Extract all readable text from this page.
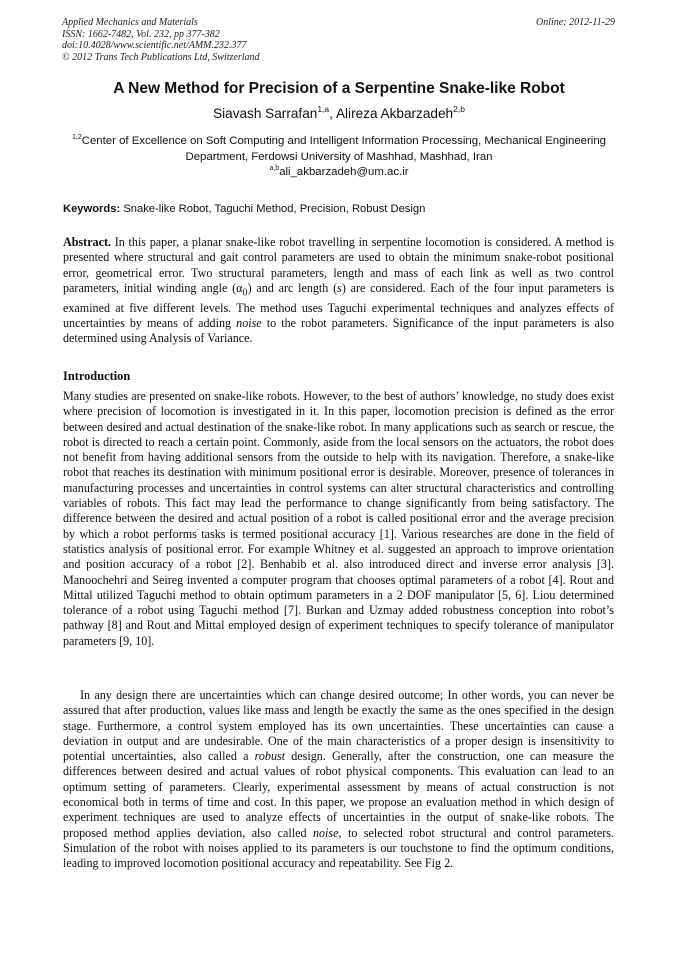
Applied Mechanics and Materials
ISSN: 1662-7482, Vol. 232, pp 377-382
doi:10.4028/www.scientific.net/AMM.232.377
© 2012 Trans Tech Publications Ltd, Switzerland
Online: 2012-11-29
A New Method for Precision of a Serpentine Snake-like Robot
Siavash Sarrafan$^{1,a}$, Alireza Akbarzadeh$^{2,b}$
$^{1,2}$Center of Excellence on Soft Computing and Intelligent Information Processing, Mechanical Engineering Department, Ferdowsi University of Mashhad, Mashhad, Iran
$^{a,b}$ali_akbarzadeh@um.ac.ir
Keywords: Snake-like Robot, Taguchi Method, Precision, Robust Design
Abstract. In this paper, a planar snake-like robot travelling in serpentine locomotion is considered. A method is presented where structural and gait control parameters are used to obtain the minimum snake-robot positional error, geometrical error. Two structural parameters, length and mass of each link as well as two control parameters, initial winding angle $(\alpha_0)$ and arc length (s) are considered. Each of the four input parameters is examined at five different levels. The method uses Taguchi experimental techniques and analyzes effects of uncertainties by means of adding noise to the robot parameters. Significance of the input parameters is also determined using Analysis of Variance.
Introduction
Many studies are presented on snake-like robots. However, to the best of authors’ knowledge, no study does exist where precision of locomotion is investigated in it. In this paper, locomotion precision is defined as the error between desired and actual destination of the snake-like robot. In many applications such as search or rescue, the robot is directed to reach a certain point. Commonly, aside from the local sensors on the actuators, the robot does not benefit from having additional sensors from the outside to help with its navigation. Therefore, a snake-like robot that reaches its destination with minimum positional error is desirable. Moreover, presence of tolerances in manufacturing processes and uncertainties in control systems can alter structural characteristics and controlling variables of robots. This fact may lead the performance to change significantly from being satisfactory. The difference between the desired and actual position of a robot is called positional error and the average precision by which a robot performs tasks is termed positional accuracy [1]. Various researches are done in the field of statistics analysis of positional error. For example Whitney et al. suggested an approach to improve orientation and position accuracy of a robot [2]. Benhabib et al. also introduced direct and inverse error analysis [3]. Manoochehri and Seireg invented a computer program that chooses optimal parameters of a robot [4]. Rout and Mittal utilized Taguchi method to obtain optimum parameters in a 2 DOF manipulator [5, 6]. Liou determined tolerance of a robot using Taguchi method [7]. Burkan and Uzmay added robustness conception into robot’s pathway [8] and Rout and Mittal employed design of experiment techniques to specify tolerance of manipulator parameters [9, 10].
In any design there are uncertainties which can change desired outcome; In other words, you can never be assured that after production, values like mass and length be exactly the same as the ones specified in the design stage. Furthermore, a control system employed has its own uncertainties. These uncertainties can cause a deviation in output and are undesirable. One of the main characteristics of a proper design is insensitivity to potential uncertainties, also called a robust design. Generally, after the construction, one can measure the differences between desired and actual values of robot physical components. This evaluation can lead to an optimum setting of parameters. Clearly, experimental assessment by means of actual construction is not economical both in terms of time and cost. In this paper, we propose an evaluation method in which design of experiment techniques are used to analyze effects of uncertainties in the output of snake-like robots. The proposed method applies deviation, also called noise, to selected robot structural and control parameters. Simulation of the robot with noises applied to its parameters is our touchstone to find the optimum conditions, leading to improved locomotion positional accuracy and repeatability. See Fig 2.
